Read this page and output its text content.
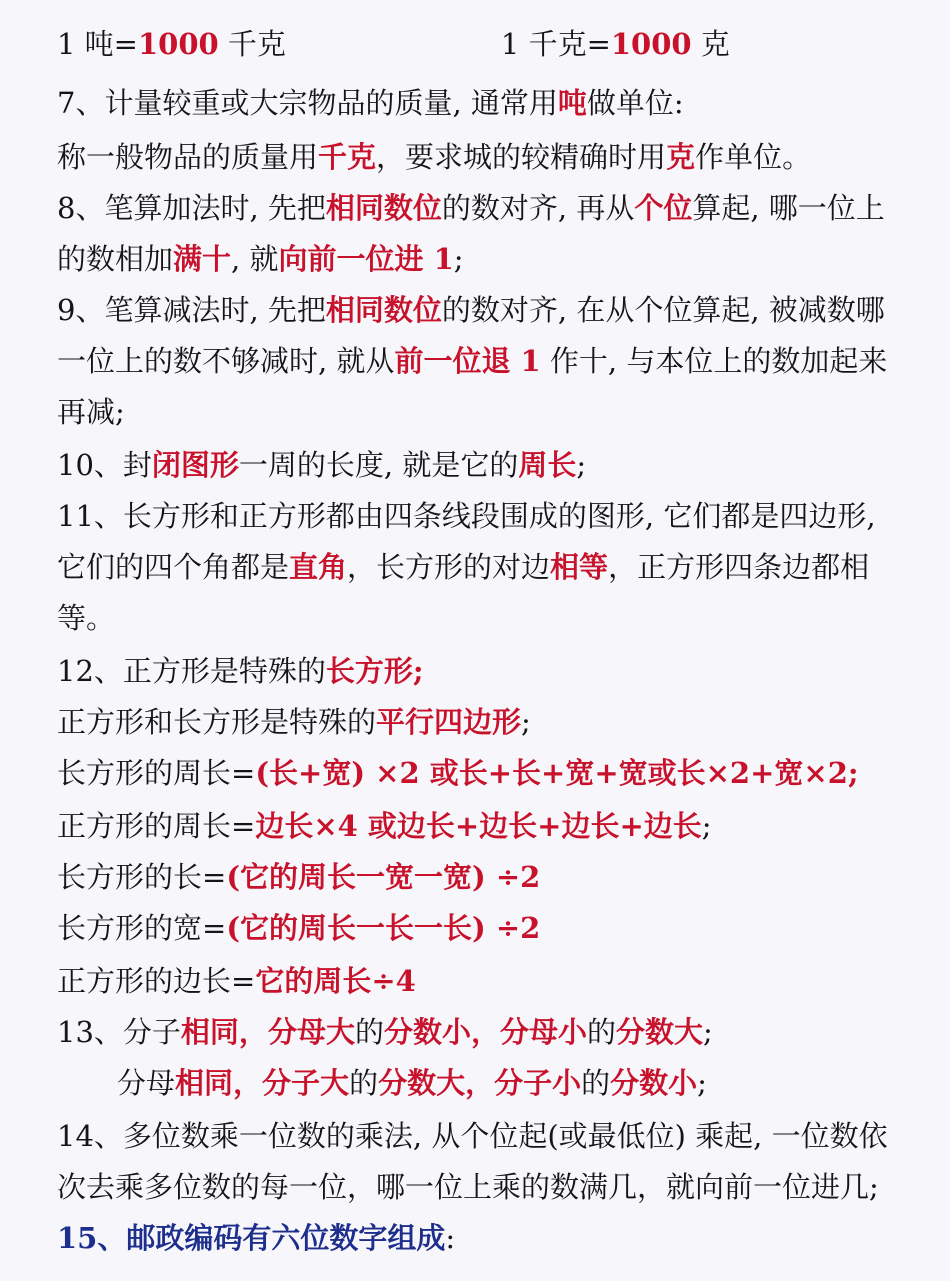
1 吨=1000 千克	1 千克=1000 克
7、计量较重或大宗物品的质量, 通常用吨做单位:
称一般物品的质量用千克，要求城的较精确时用克作单位。
8、笔算加法时, 先把相同数位的数对齐, 再从个位算起, 哪一位上
的数相加满十, 就向前一位进 1;
9、笔算减法时, 先把相同数位的数对齐, 在从个位算起, 被减数哪
一位上的数不够减时, 就从前一位退 1 作十, 与本位上的数加起来
再减;
10、封闭图形一周的长度, 就是它的周长;
11、长方形和正方形都由四条线段围成的图形, 它们都是四边形,
它们的四个角都是直角，长方形的对边相等，正方形四条边都相
等。
12、正方形是特殊的长方形;
正方形和长方形是特殊的平行四边形;
长方形的周长=(长+宽) ×2 或长+长+宽+宽或长×2+宽×2;
正方形的周长=边长×4 或边长+边长+边长+边长;
长方形的长=(它的周长一宽一宽) ÷2
长方形的宽=(它的周长一长一长) ÷2
正方形的边长=它的周长÷4
13、分子相同，分母大的分数小，分母小的分数大;
分母相同，分子大的分数大，分子小的分数小;
14、多位数乘一位数的乘法, 从个位起(或最低位) 乘起, 一位数依
次去乘多位数的每一位，哪一位上乘的数满几，就向前一位进几;
15、邮政编码有六位数字组成:
